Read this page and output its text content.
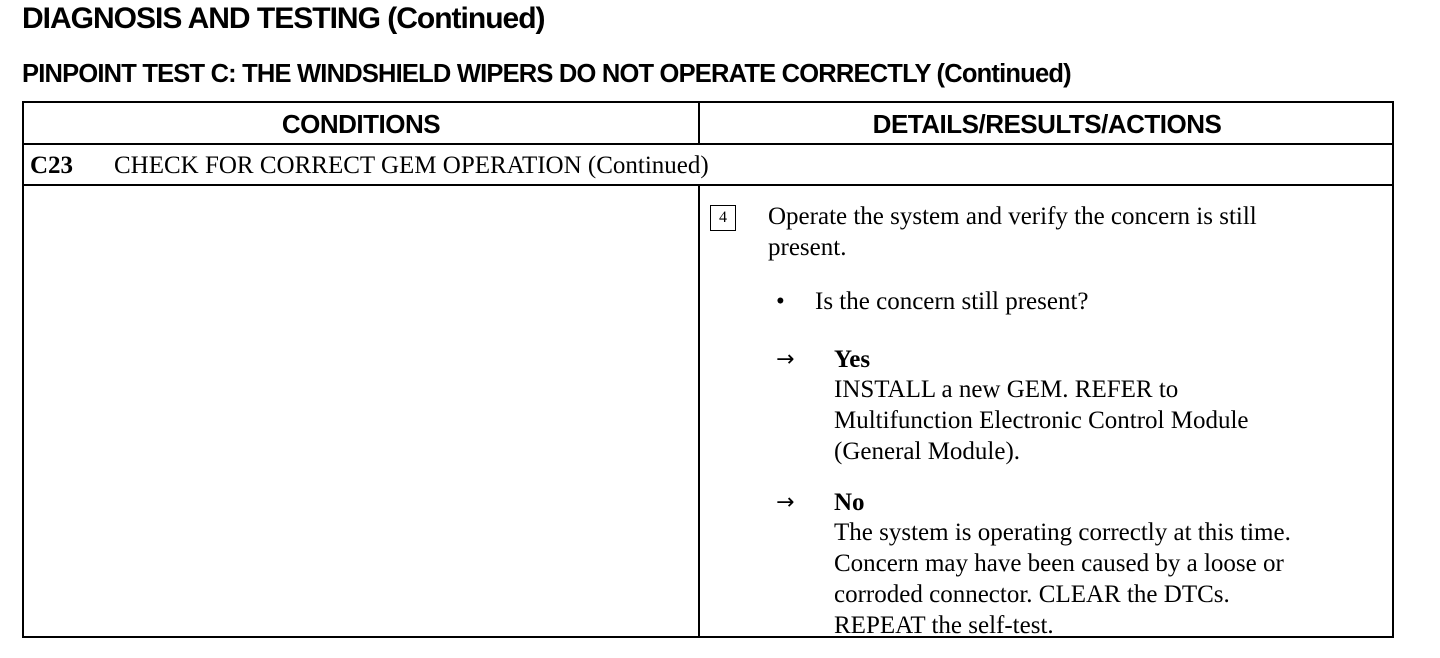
DIAGNOSIS AND TESTING (Continued)
PINPOINT TEST C: THE WINDSHIELD WIPERS DO NOT OPERATE CORRECTLY (Continued)
CONDITIONS	DETAILS/RESULTS/ACTIONS
C23 CHECK FOR CORRECT GEM OPERATION (Continued)
4	Operate the system and verify the concern is still
present.
• Is the concern still present?
→ Yes
INSTALL a new GEM. REFER to
Multifunction Electronic Control Module
(General Module).
→ No
The system is operating correctly at this time.
Concern may have been caused by a loose or
corroded connector. CLEAR the DTCs.
REPEAT the self-test.
